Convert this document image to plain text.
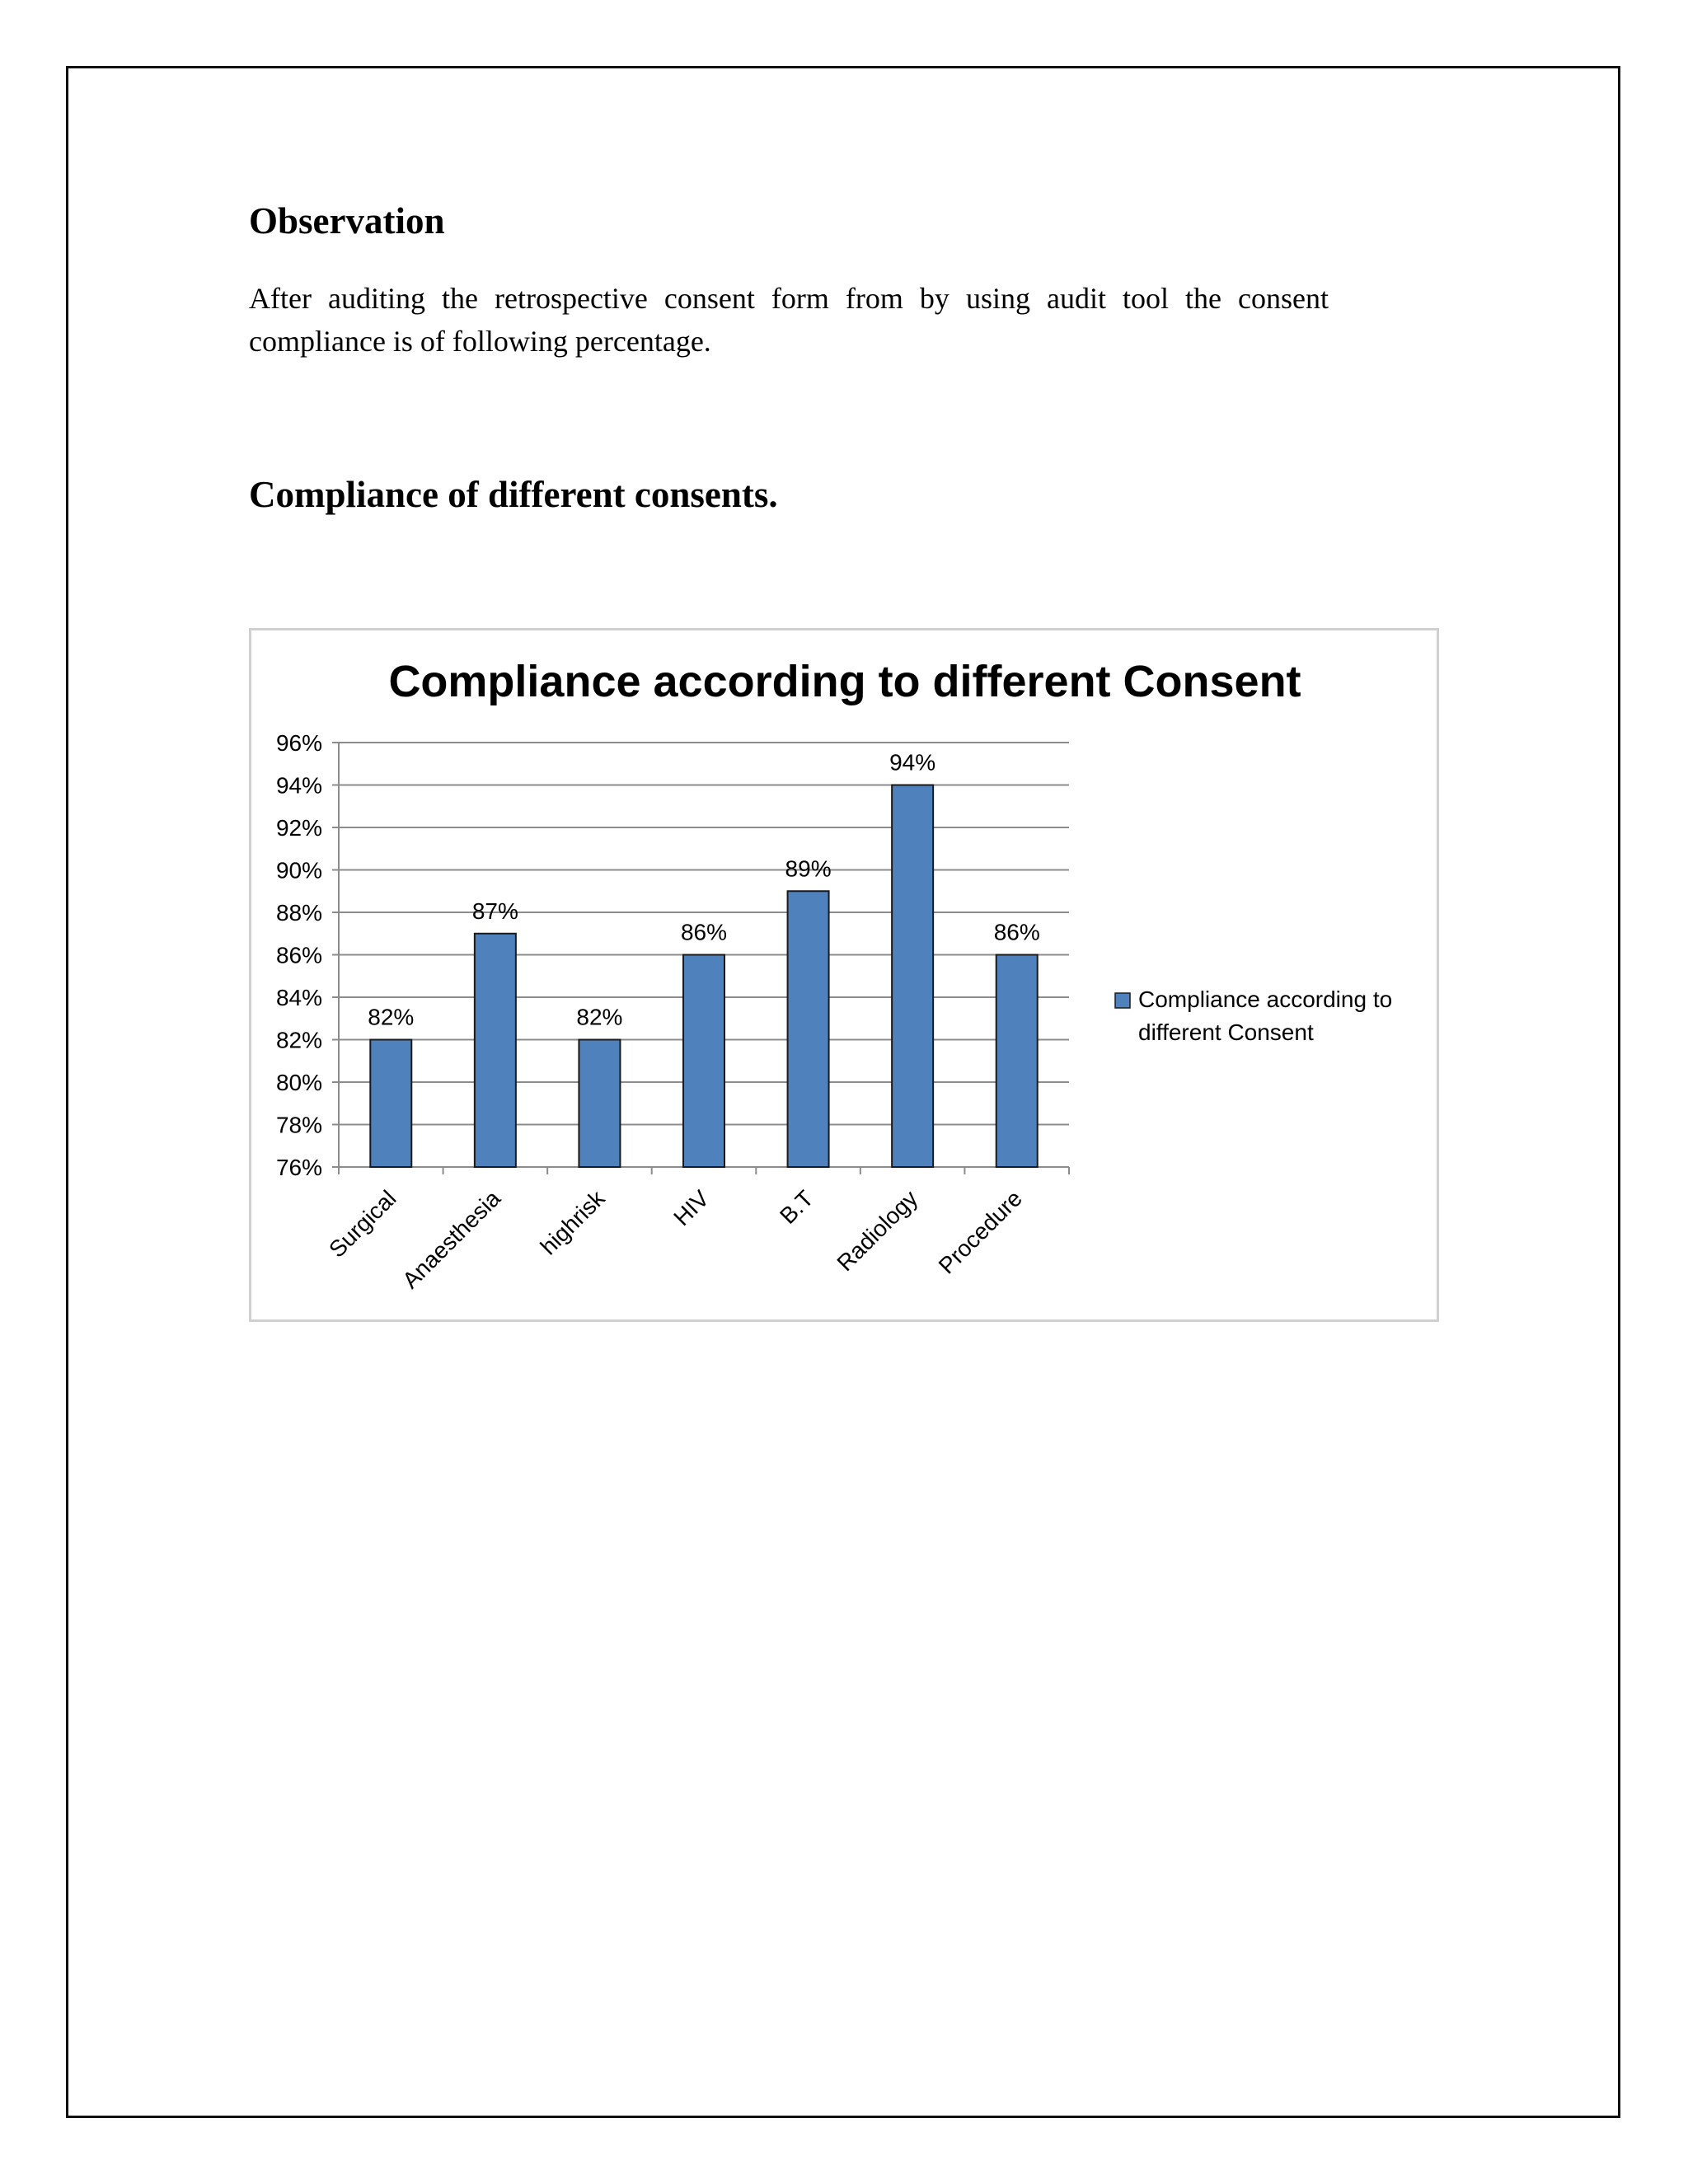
Observation

After auditing the retrospective consent form from by using audit tool the consent compliance is of following percentage.

Compliance of different consents.
Compliance according to different Consent
76%
78%
80%
82%
84%
86%
88%
90%
92%
94%
96%
82%
87%
82%
86%
89%
94%
86%
Surgical
Anaesthesia highrisk	HIV	B.T Radiology Procedure
Compliance according to
different Consent
